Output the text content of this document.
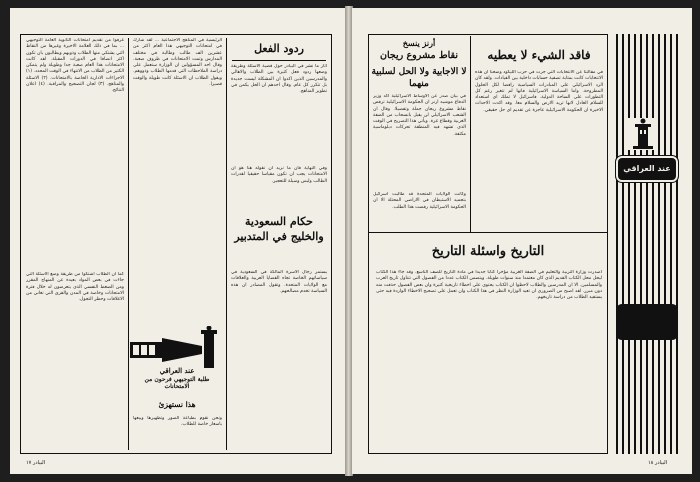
غرفوا من تقديم امتحانات الثانوية العامة التوجيهي ... بما في ذلك العلامة الاخيرة وغيرها من النقاط التي يشتكي منها الطلاب وذويهم ويطالبون بان تكون اكثر انصافا في الدورات المقبلة. لقد كانت الامتحانات هذا العام صعبة جدا وطويلة ولم يتمكن الكثير من الطلاب من الانتهاء في الوقت المحدد. (١) الاجراءات الادارية الخاصة بالامتحانات. (٢) الاسئلة والمناهج. (٣) لجان التصحيح والمراقبة. (٤) اعلان النتائج.

كما ان الطلاب اشتكوا من طريقة وضع الاسئلة التي جاءت في بعض المواد بعيدة عن المنهاج المقرر ومن الضغط النفسي الذي يتعرضون له خلال فترة الامتحانات وخاصة في المدن والقرى التي تعاني من الاغلاقات وحظر التجول.

الرئيسية في المناهج الاجتماعية ... لقد شارك في امتحانات التوجيهي هذا العام اكثر من عشرين الف طالب وطالبة في مختلف المدارس وتمت الامتحانات في ظروف صعبة. وقال احد المسؤولين ان الوزارة ستعمل على دراسة الملاحظات التي قدمها الطلاب وذووهم. ويقول الطلاب ان الاسئلة كانت طويلة والوقت قصيرا.

عند العراقي
طلبة التوجيهي فرحون من الامتحانات
هذا نستهزئ

ونحن نقوم بطباعة الصور وتظهيرها وبيعها باسعار خاصة للطلاب.

ردود الفعل

اثار ما نشر في البيادر حول قضية الاسئلة وطريقة وضعها ردود فعل كثيرة بين الطلاب والاهالي والمدرسين الذين اكدوا ان المشكلة ليست جديدة بل تتكرر كل عام. وقال احدهم ان الحل يكمن في تطوير المناهج.

وفي النهاية فان ما نريد ان نقوله هنا هو ان الامتحانات يجب ان تكون مقياسا حقيقيا لقدرات الطالب وليس وسيلة للتعجيز.

حكام السعودية والخليج في المتدبير

يستمر رجال الاسرة المالكة في السعودية في سياساتهم الخاصة تجاه القضايا العربية والعلاقات مع الولايات المتحدة. وتقول المصادر ان هذه السياسة تخدم مصالحهم.

البيادر ١٧
فاقد الشيء لا يعطيه

في مقالتنا عن الانتخابات التي جرت في حزب الليكود وضحنا ان هذه الانتخابات كانت بمثابة تصفية حسابات داخلية بين القيادات. ولقد كان الرد الاسرائيلي على المبادرات السياسية رافضا لكل الحلول المطروحة. واما السياسة الاسرائيلية فانها لم تتغير رغم كل التطورات على الساحة الدولية. فاسرائيل لا تملك اي استعداد للسلام العادل لانها تريد الارض والسلام معا. وقد اكدت الاحداث الاخيرة ان الحكومة الاسرائيلية عاجزة عن تقديم اي حل حقيقي.

أرنز ينسخ
نقاط مشروع ريجان
لا الاجابية ولا الحل لسلبية منهما

في بيان صدر عن الاوساط الاسرائيلية اكد وزير الدفاع موشيه ارنز ان الحكومة الاسرائيلية ترفض نقاط مشروع ريجان جملة وتفصيلا. وقال ان الشعب الاسرائيلي لن يقبل بانسحاب من الضفة الغربية وقطاع غزة. ويأتي هذا التصريح في الوقت الذي تشهد فيه المنطقة تحركات دبلوماسية مكثفة.

وكانت الولايات المتحدة قد طالبت اسرائيل بتجميد الاستيطان في الاراضي المحتلة الا ان الحكومة الاسرائيلية رفضت هذا الطلب.

التاريخ واسئلة التاريخ

اصدرت وزارة التربية والتعليم في الضفة الغربية مؤخرا كتابا جديدا في مادة التاريخ للصف التاسع. وقد جاء هذا الكتاب ليحل محل الكتاب القديم الذي كان معتمدا منذ سنوات طويلة. ويتضمن الكتاب عددا من الفصول التي تتناول تاريخ العرب والمسلمين. الا ان المدرسين والطلاب لاحظوا ان الكتاب يحتوي على اخطاء تاريخية كثيرة وان بعض الفصول حذفت منه دون مبرر. لقد اصبح من الضروري ان تعيد الوزارة النظر في هذا الكتاب وان تعمل على تصحيح الاخطاء الواردة فيه حتى يستفيد الطلاب من دراسة تاريخهم.

عند العراقي
البيادر ١٨
